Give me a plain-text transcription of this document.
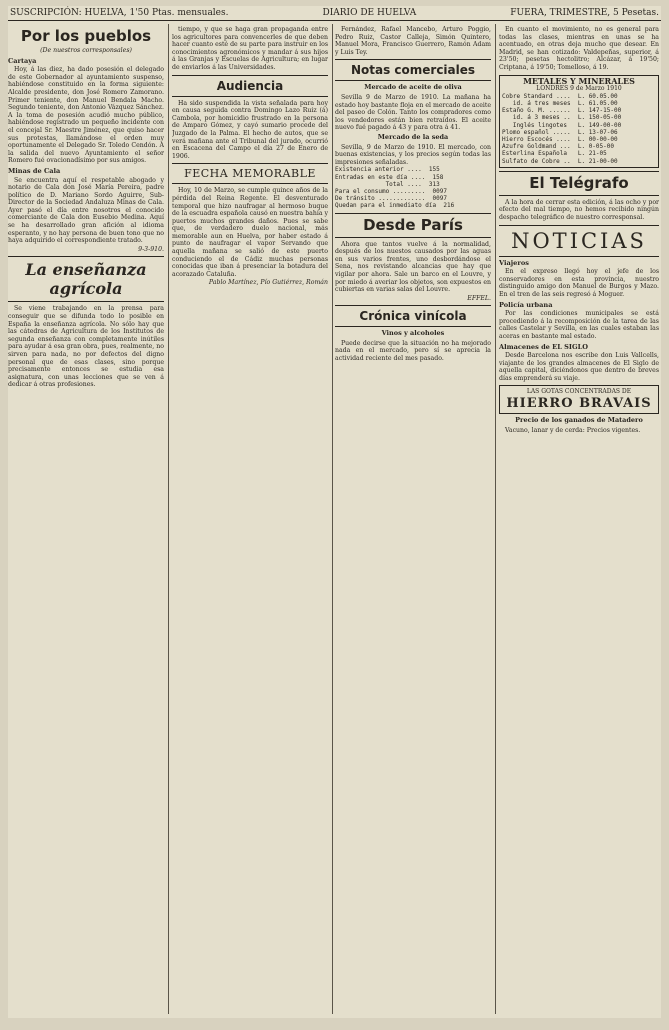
SUSCRIPCIÓN: HUELVA, 1'50 Ptas. mensuales.	DIARIO DE HUELVA	FUERA, TRIMESTRE, 5 Pesetas.
Por los pueblos
(De nuestros corresponsales)
Cartaya

Hoy, á las diez, ha dado posesión el delegado de este Gobernador al ayuntamiento suspenso, habiéndose constituido en la forma siguiente: Alcalde presidente, don José Romero Zamorano. Primer teniente, don Manuel Bendala Macho. Segundo teniente, don Antonio Vázquez Sánchez. A la toma de posesión acudió mucho público, habiéndose registrado un pequeño incidente con el concejal Sr. Maestre Jiménez, que quiso hacer sus protestas, llamándose el orden muy oportunamente el Delegado Sr. Toledo Cendón. A la salida del nuevo Ayuntamiento el señor Romero fué ovacionadísimo por sus amigos.

Minas de Cala

Se encuentra aquí el respetable abogado y notario de Cala don José María Pereira, padre político de D. Mariano Sordo Aguirre, Sub-Director de la Sociedad Andaluza Minas de Cala. Ayer pasó el día entre nosotros el conocido comerciante de Cala don Eusebio Medina. Aquí se ha desarrollado gran afición al idioma esperanto, y no hay persona de buen tono que no haya adquirido el correspondiente tratado.

9-3-910.
La enseñanza agrícola

Se viene trabajando en la prensa para conseguir que se difunda todo lo posible en España la enseñanza agrícola. No sólo hay que las cátedras de Agricultura de los Institutos de segunda enseñanza con completamente inútiles para ayudar á esa gran obra, pues, realmente, no sirven para nada, no por defectos del digno personal que de esas clases, sino porque precisamente entonces se estudia esa asignatura, con unas lecciones que se ven á dedicar á otras profesiones.

tiempo, y que se haga gran propaganda entre los agricultores para convencerles de que deben hacer cuanto esté de su parte para instruir en los conocimientos agronómicos y mandar á sus hijos á las Granjas y Escuelas de Agricultura; en lugar de enviarlos á las Universidades.

Audiencia

Ha sido suspendida la vista señalada para hoy en causa seguida contra Domingo Lazo Ruiz (á) Cambola, por homicidio frustrado en la persona de Amparo Gómez, y cayó sumario procede del Juzgado de la Palma. El hecho de autos, que se verá mañana ante el Tribunal del jurado, ocurrió en Escacena del Campo el día 27 de Enero de 1906.

FECHA MEMORABLE

Hoy, 10 de Marzo, se cumple quince años de la pérdida del Reina Regente. El desventurado temporal que hizo naufragar al hermoso buque de la escuadra española causó en nuestra bahía y puertos muchos grandes daños. Pues se sabe que, de verdadero duelo nacional, más memorable aun en Huelva, por haber estado á punto de naufragar el vapor Servando que aquella mañana se salió de este puerto conduciendo el de Cádiz muchas personas conocidas que iban á presenciar la botadura del acorazado Cataluña.

Pablo Martínez, Pío Gutiérrez, Román

Fernández, Rafael Mancebo, Arturo Poggio, Pedro Ruiz, Castor Calleja, Simón Quintero, Manuel Mora, Francisco Guerrero, Ramón Adam y Luis Tey.

Notas comerciales
Mercado de aceite de oliva

Sevilla 9 de Marzo de 1910. La mañana ha estado hoy bastante floja en el mercado de aceite del paseo de Colón. Tanto los compradores como los vendedores están bien retraídos. El aceite nuevo fué pagado á 43 y para otra á 41.

Mercado de la seda

Sevilla, 9 de Marzo de 1910. El mercado, con buenas existencias, y los precios según todas las impresiones señaladas.

Existencia anterior ....  155
Entradas en este día ....  158
Total ....  313
Para el consumo .........  0097
De tránsito .............  0097
Quedan para el inmediato día  216
Desde París

Ahora que tantos vuelve á la normalidad, después de los nuestos causados por las aguas en sus varios frentes, uno desbordándose el Sena, nos revistando alcancias que hay que vigilar por ahora. Sale un barco en el Louvre, y por miedo á averiar los objetos, son expuestos en cubiertas en varias salas del Louvre.

EFFEL.
Crónica vinícola
Vinos y alcoholes

Puede decirse que la situación no ha mejorado nada en el mercado, pero sí se aprecia la actividad reciente del mes pasado.

En cuanto el movimiento, no es general para todas las clases, mientras en unas se ha acentuado, en otras deja mucho que desear. En Madrid, se han cotizado: Valdepeñas, superior, á 23'50; pesetas hectolitro; Alcázar, á 19'50; Criptana, á 19'50; Tomelloso, á 19.

METALES Y MINERALES
LONDRES 9 de Marzo 1910
Cobre Standard ....  L. 60.05.00
id. á tres meses  L. 61.05.00
Estaño G. M. ......  L. 147-15-00
id. á 3 meses ..  L. 150-05-00
Inglés lingotes   L. 149-00-00
Plomo español .....  L. 13-07-06
Hierro Escocés ....  L. 00-00-00
Azufre Goldmand ...  L. 0-05-00
Esterlina Española   L. 21-05
Sulfato de Cobre ..  L. 21-00-00
El Telégrafo

A la hora de cerrar esta edición, á las ocho y por efecto del mal tiempo, no hemos recibido ningún despacho telegráfico de nuestro corresponsal.

NOTICIAS
Viajeros

En el expreso llegó hoy el jefe de los conservadores en esta provincia, nuestro distinguido amigo don Manuel de Burgos y Mazo. En el tren de las seis regresó á Moguer.

Policía urbana

Por las condiciones municipales se está procediendo á la recomposición de la tarea de las calles Castelar y Sevilla, en las cuales estaban las aceras en bastante mal estado.

Almacenes de EL SIGLO

Desde Barcelona nos escribe don Luis Vallcells, viajante de los grandes almacenes de El Siglo de aquella capital, diciéndonos que dentro de breves días emprenderá su viaje.

LAS GOTAS CONCENTRADAS DE
HIERRO BRAVAIS
Precio de los ganados de Matadero

Vacuno, lanar y de cerda: Precios vigentes.
